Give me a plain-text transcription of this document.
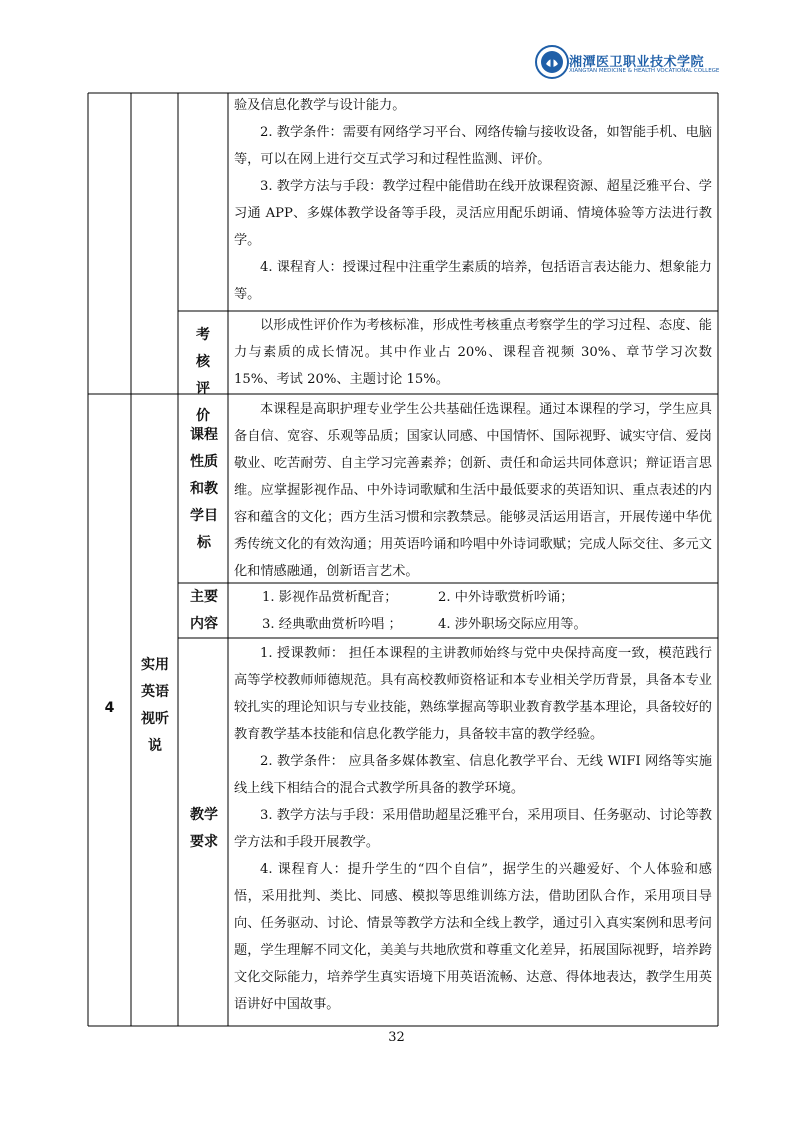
湘潭医卫职业技术学院
XIANGTAN MEDICINE & HEALTH VOCATIONAL COLLEGE

验及信息化教学与设计能力。

2. 教学条件：需要有网络学习平台、网络传输与接收设备，如智能手机、电脑等，可以在网上进行交互式学习和过程性监测、评价。

3. 教学方法与手段：教学过程中能借助在线开放课程资源、超星泛雅平台、学习通 APP、多媒体教学设备等手段，灵活应用配乐朗诵、情境体验等方法进行教学。

4. 课程育人：授课过程中注重学生素质的培养，包括语言表达能力、想象能力等。

考核评价

以形成性评价作为考核标准，形成性考核重点考察学生的学习过程、态度、能力与素质的成长情况。其中作业占 20%、课程音视频 30%、章节学习次数 15%、考试 20%、主题讨论 15%。

4
实用英语视听说
课程性质和教学目标

本课程是高职护理专业学生公共基础任选课程。通过本课程的学习，学生应具备自信、宽容、乐观等品质；国家认同感、中国情怀、国际视野、诚实守信、爱岗敬业、吃苦耐劳、自主学习完善素养；创新、责任和命运共同体意识；辩证语言思维。应掌握影视作品、中外诗词歌赋和生活中最低要求的英语知识、重点表述的内容和蕴含的文化；西方生活习惯和宗教禁忌。能够灵活运用语言，开展传递中华优秀传统文化的有效沟通；用英语吟诵和吟唱中外诗词歌赋；完成人际交往、多元文化和情感融通，创新语言艺术。

主要内容
1. 影视作品赏析配音；	2. 中外诗歌赏析吟诵；
3. 经典歌曲赏析吟唱 ；	4. 涉外职场交际应用等。
教学要求

1. 授课教师： 担任本课程的主讲教师始终与党中央保持高度一致，模范践行高等学校教师师德规范。具有高校教师资格证和本专业相关学历背景，具备本专业较扎实的理论知识与专业技能，熟练掌握高等职业教育教学基本理论，具备较好的教育教学基本技能和信息化教学能力，具备较丰富的教学经验。

2. 教学条件： 应具备多媒体教室、信息化教学平台、无线 WIFI 网络等实施线上线下相结合的混合式教学所具备的教学环境。

3. 教学方法与手段：采用借助超星泛雅平台，采用项目、任务驱动、讨论等教学方法和手段开展教学。

4. 课程育人：提升学生的“四个自信”，据学生的兴趣爱好、个人体验和感悟，采用批判、类比、同感、模拟等思维训练方法，借助团队合作，采用项目导向、任务驱动、讨论、情景等教学方法和全线上教学，通过引入真实案例和思考问题，学生理解不同文化，美美与共地欣赏和尊重文化差异，拓展国际视野，培养跨文化交际能力，培养学生真实语境下用英语流畅、达意、得体地表达，教学生用英语讲好中国故事。

32
